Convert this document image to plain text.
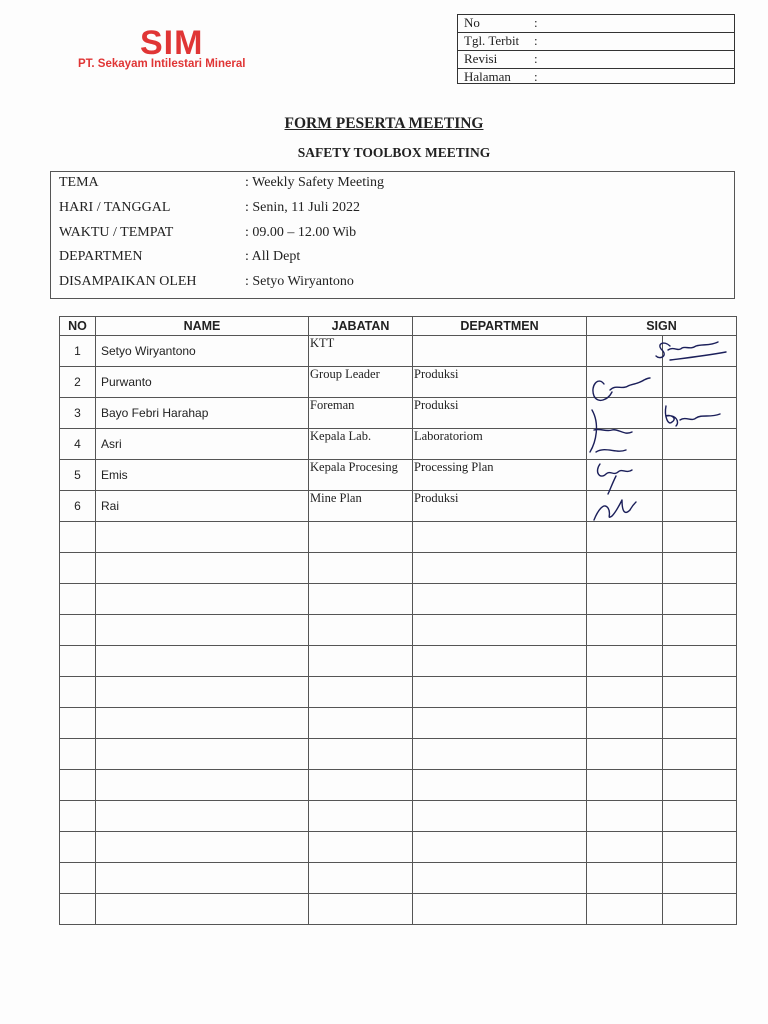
SIM
PT. Sekayam Intilestari Mineral
No	:
Tgl. Terbit :
Revisi	:
Halaman :
FORM PESERTA MEETING
SAFETY TOOLBOX MEETING
TEMA	: Weekly Safety Meeting
HARI / TANGGAL	: Senin, 11 Juli 2022
WAKTU / TEMPAT	: 09.00 – 12.00 Wib
DEPARTMEN	: All Dept
DISAMPAIKAN OLEH	: Setyo Wiryantono
NO	NAME	JABATAN	DEPARTMEN	SIGN	
1	Setyo Wiryantono	KTT			
2	Purwanto	Group Leader	Produksi		
3	Bayo Febri Harahap	Foreman	Produksi		
4	Asri	Kepala Lab.	Laboratoriom		
5	Emis	Kepala Procesing	Processing Plan		
6	Rai	Mine Plan	Produksi		
